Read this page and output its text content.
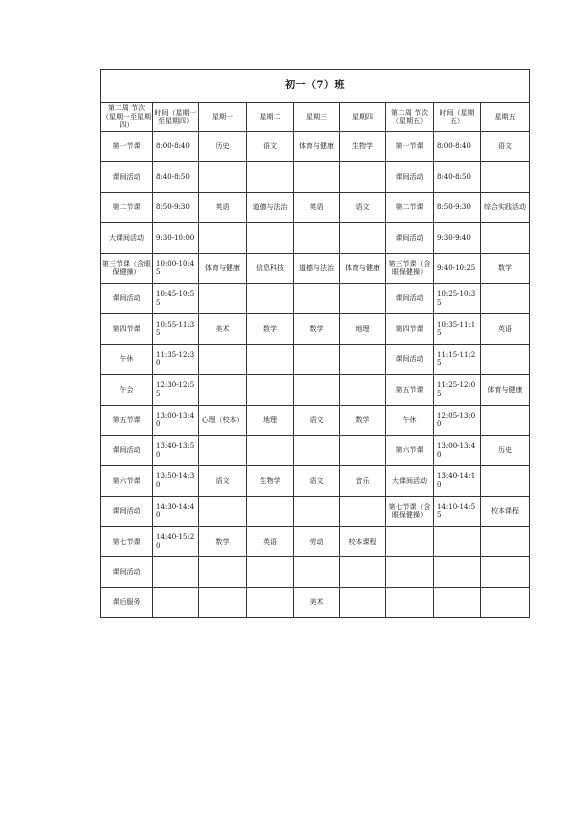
初一（7）班								
第二周 节次（星期一至星期四）	时间（星期一至星期四）	星期一	星期二	星期三	星期四	第二周 节次（星期五）	时间（星期五）	星期五
第一节课	8:00-8:40	历史	语文	体育与健康	生物学	第一节课	8:00-8:40	语文
课间活动	8:40-8:50					课间活动	8:40-8:50	
第二节课	8:50-9:30	英语	道德与法治	英语	语文	第二节课	8:50-9:30	综合实践活动
大课间活动	9:30-10:00					课间活动	9:30-9:40	
第三节课（含眼保健操）	10:00-10:45	体育与健康	信息科技	道德与法治	体育与健康	第三节课（含眼保健操）	9:40-10:25	数学
课间活动	10:45-10:55					课间活动	10:25-10:35	
第四节课	10:55-11:35	美术	数学	数学	地理	第四节课	10:35-11:15	英语
午休	11:35-12:30					课间活动	11:15-11:25	
午会	12:30-12:55					第五节课	11:25-12:05	体育与健康
第五节课	13:00-13:40	心理（校本）	地理	语文	数学	午休	12:05-13:00	
课间活动	13:40-13:50					第六节课	13:00-13:40	历史
第六节课	13:50-14:30	语文	生物学	语文	音乐	大课间活动	13:40-14:10	
课间活动	14:30-14:40					第七节课（含眼保健操）	14:10-14:55	校本课程
第七节课	14:40-15:20	数学	英语	劳动	校本课程			
课间活动								
课后服务				美术				
